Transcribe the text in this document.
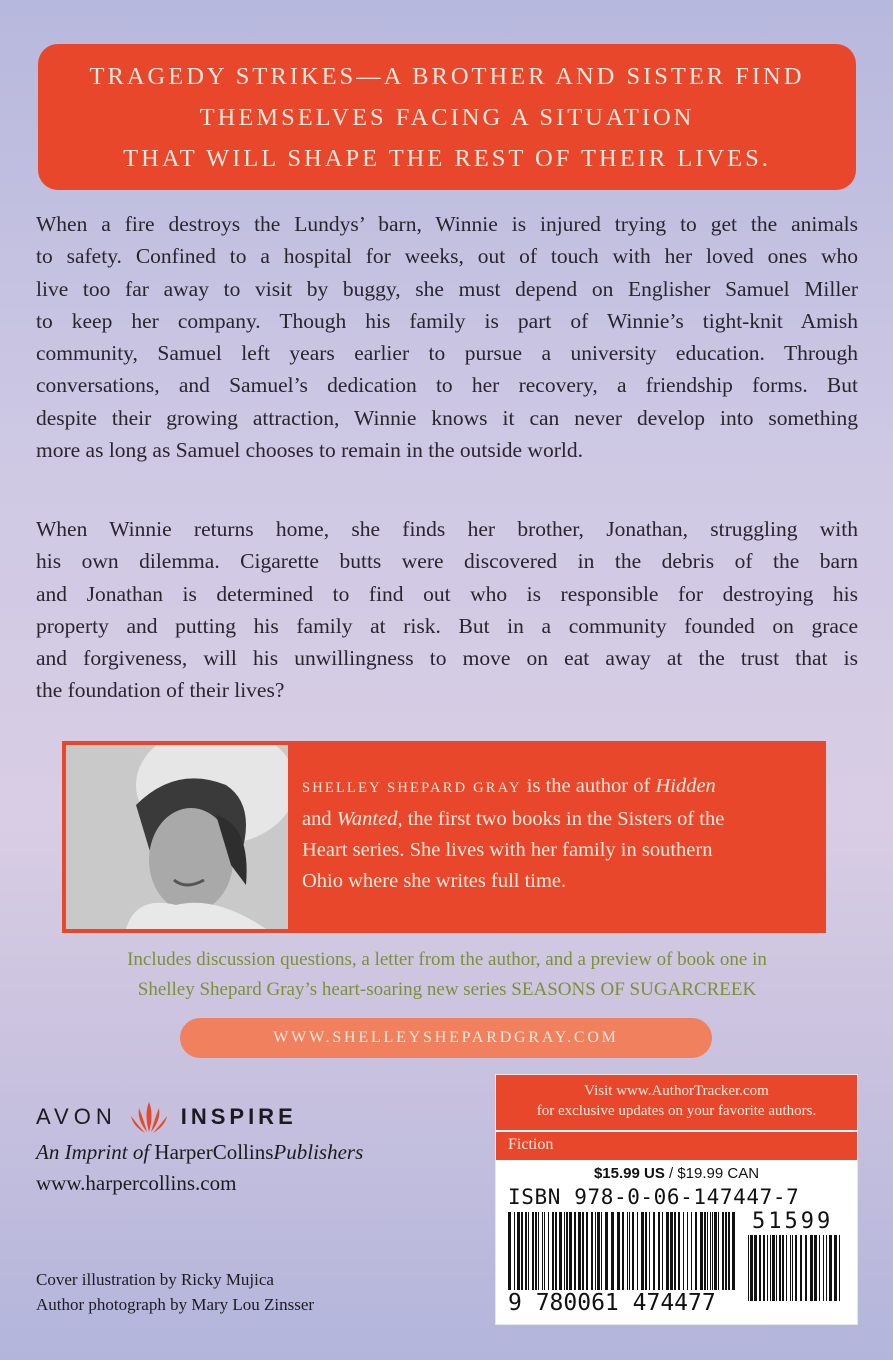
TRAGEDY STRIKES—A BROTHER AND SISTER FIND
THEMSELVES FACING A SITUATION
THAT WILL SHAPE THE REST OF THEIR LIVES.
When a fire destroys the Lundys’ barn, Winnie is injured trying to get the animals
to safety. Confined to a hospital for weeks, out of touch with her loved ones who
live too far away to visit by buggy, she must depend on Englisher Samuel Miller
to keep her company. Though his family is part of Winnie’s tight-knit Amish
community, Samuel left years earlier to pursue a university education. Through
conversations, and Samuel’s dedication to her recovery, a friendship forms. But
despite their growing attraction, Winnie knows it can never develop into something
more as long as Samuel chooses to remain in the outside world.
When Winnie returns home, she finds her brother, Jonathan, struggling with
his own dilemma. Cigarette butts were discovered in the debris of the barn
and Jonathan is determined to find out who is responsible for destroying his
property and putting his family at risk. But in a community founded on grace
and forgiveness, will his unwillingness to move on eat away at the trust that is
the foundation of their lives?
SHELLEY SHEPARD GRAY is the author of Hidden
and Wanted, the first two books in the Sisters of the
Heart series. She lives with her family in southern
Ohio where she writes full time.
Includes discussion questions, a letter from the author, and a preview of book one in
Shelley Shepard Gray’s heart-soaring new series SEASONS OF SUGARCREEK
WWW.SHELLEYSHEPARDGRAY.COM
AVON	INSPIRE
An Imprint of HarperCollinsPublishers
www.harpercollins.com
Cover illustration by Ricky Mujica
Author photograph by Mary Lou Zinsser
Visit www.AuthorTracker.com
for exclusive updates on your favorite authors.
Fiction
$15.99 US / $19.99 CAN
ISBN 978-0-06-147447-7
51599
9 780061 474477
